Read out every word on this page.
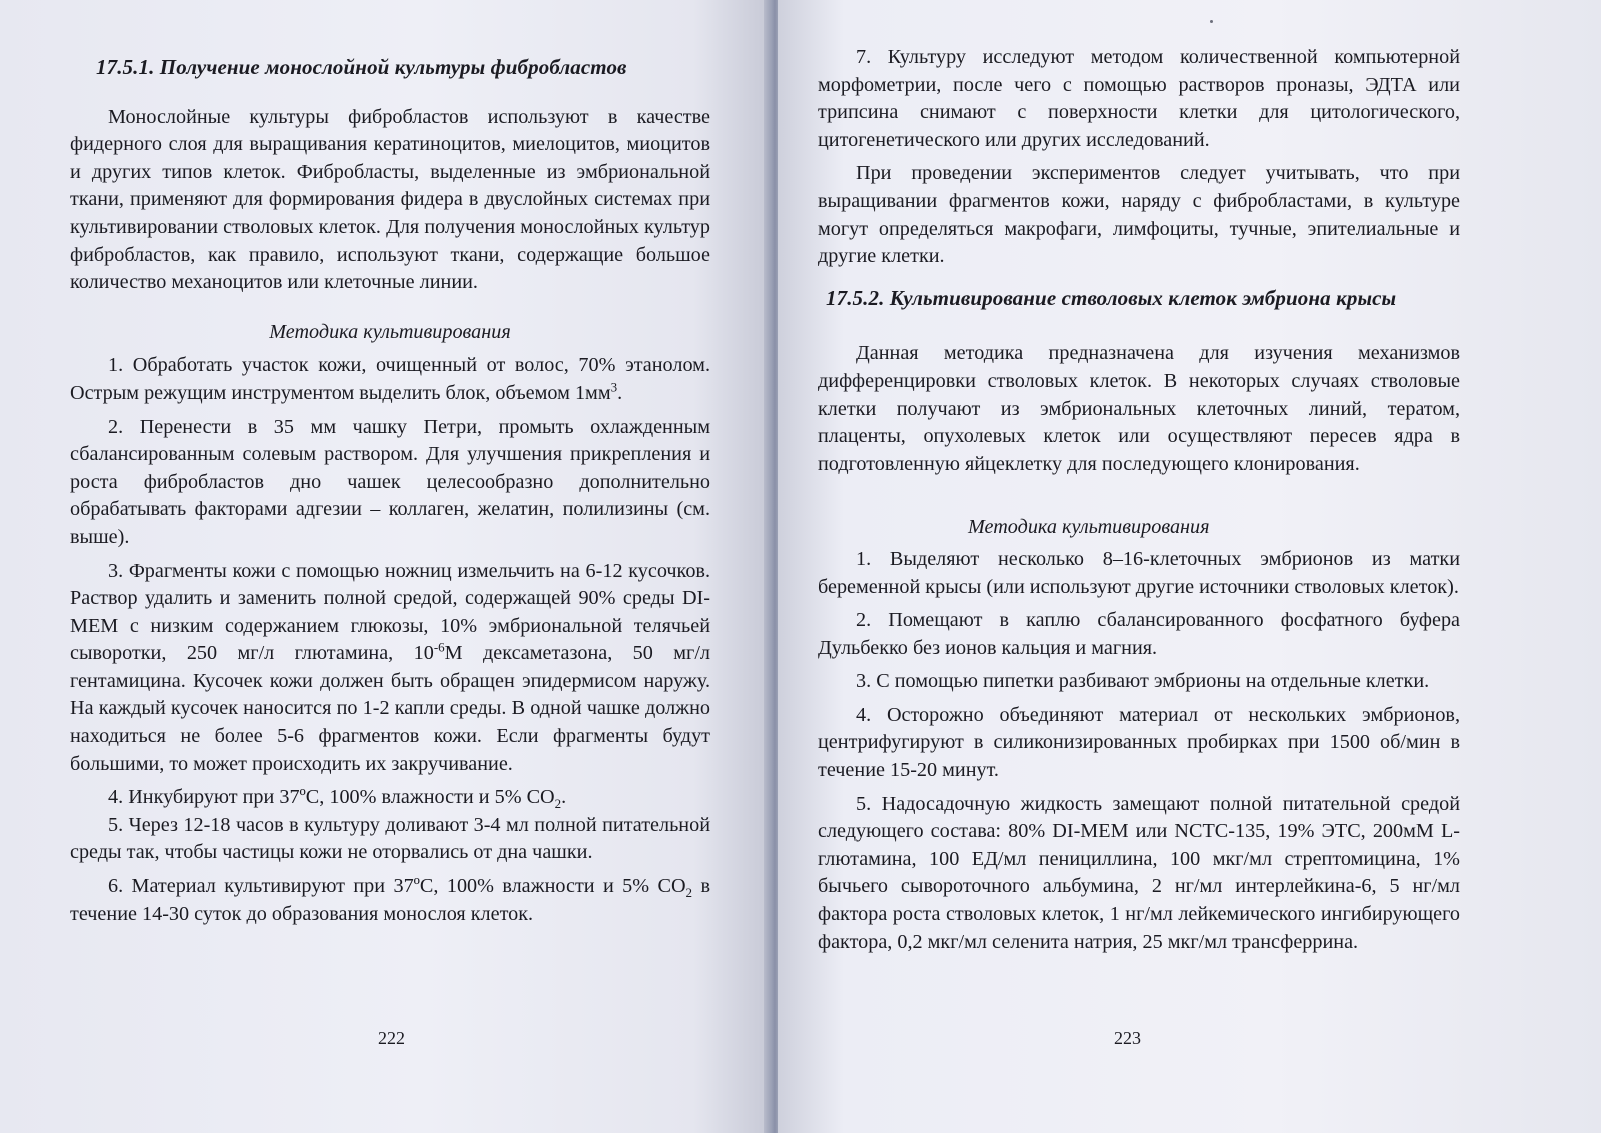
17.5.1. Получение монослойной культуры фибробластов

Монослойные культуры фибробластов используют в качестве фидерного слоя для выращивания кератиноцитов, миелоцитов, миоцитов и других типов клеток. Фибробласты, выделенные из эмбриональной ткани, применяют для формирования фидера в двуслойных системах при культивировании стволовых клеток. Для получения монослойных культур фибробластов, как правило, используют ткани, содержащие большое количество механоцитов или клеточные линии.

Методика культивирования

1. Обработать участок кожи, очищенный от волос, 70% этанолом. Острым режущим инструментом выделить блок, объемом $1мм^3$.

2. Перенести в 35 мм чашку Петри, промыть охлажденным сбалансированным солевым раствором. Для улучшения прикрепления и роста фибробластов дно чашек целесообразно дополнительно обрабатывать факторами адгезии – коллаген, желатин, полилизины (см. выше).

3. Фрагменты кожи с помощью ножниц измельчить на 6-12 кусочков. Раствор удалить и заменить полной средой, содержащей 90% среды DI-MEM с низким содержанием глюкозы, 10% эмбриональной телячьей сыворотки, 250 мг/л глютамина, $10^{-6}М$ дексаметазона, 50 мг/л гентамицина. Кусочек кожи должен быть обращен эпидермисом наружу. На каждый кусочек наносится по 1-2 капли среды. В одной чашке должно находиться не более 5-6 фрагментов кожи. Если фрагменты будут большими, то может происходить их закручивание.

4. Инкубируют при 37ºС, 100% влажности и 5% $СО_2$.

5. Через 12-18 часов в культуру доливают 3-4 мл полной питательной среды так, чтобы частицы кожи не оторвались от дна чашки.

6. Материал культивируют при 37ºС, 100% влажности и 5% $СО_2$ в течение 14-30 суток до образования монослоя клеток.

222

7. Культуру исследуют методом количественной компьютерной морфометрии, после чего с помощью растворов проназы, ЭДТА или трипсина снимают с поверхности клетки для цитологического, цитогенетического или других исследований.

При проведении экспериментов следует учитывать, что при выращивании фрагментов кожи, наряду с фибробластами, в культуре могут определяться макрофаги, лимфоциты, тучные, эпителиальные и другие клетки.

17.5.2. Культивирование стволовых клеток эмбриона крысы

Данная методика предназначена для изучения механизмов дифференцировки стволовых клеток. В некоторых случаях стволовые клетки получают из эмбриональных клеточных линий, тератом, плаценты, опухолевых клеток или осуществляют пересев ядра в подготовленную яйцеклетку для последующего клонирования.

Методика культивирования

1. Выделяют несколько 8–16-клеточных эмбрионов из матки беременной крысы (или используют другие источники стволовых клеток).

2. Помещают в каплю сбалансированного фосфатного буфера Дульбекко без ионов кальция и магния.

3. С помощью пипетки разбивают эмбрионы на отдельные клетки.

4. Осторожно объединяют материал от нескольких эмбрионов, центрифугируют в силиконизированных пробирках при 1500 об/мин в течение 15-20 минут.

5. Надосадочную жидкость замещают полной питательной средой следующего состава: 80% DI-MEM или NCTC-135, 19% ЭТС, 200мМ L-глютамина, 100 ЕД/мл пенициллина, 100 мкг/мл стрептомицина, 1% бычьего сывороточного альбумина, 2 нг/мл интерлейкина-6, 5 нг/мл фактора роста стволовых клеток, 1 нг/мл лейкемического ингибирующего фактора, 0,2 мкг/мл селенита натрия, 25 мкг/мл трансферрина.

223
